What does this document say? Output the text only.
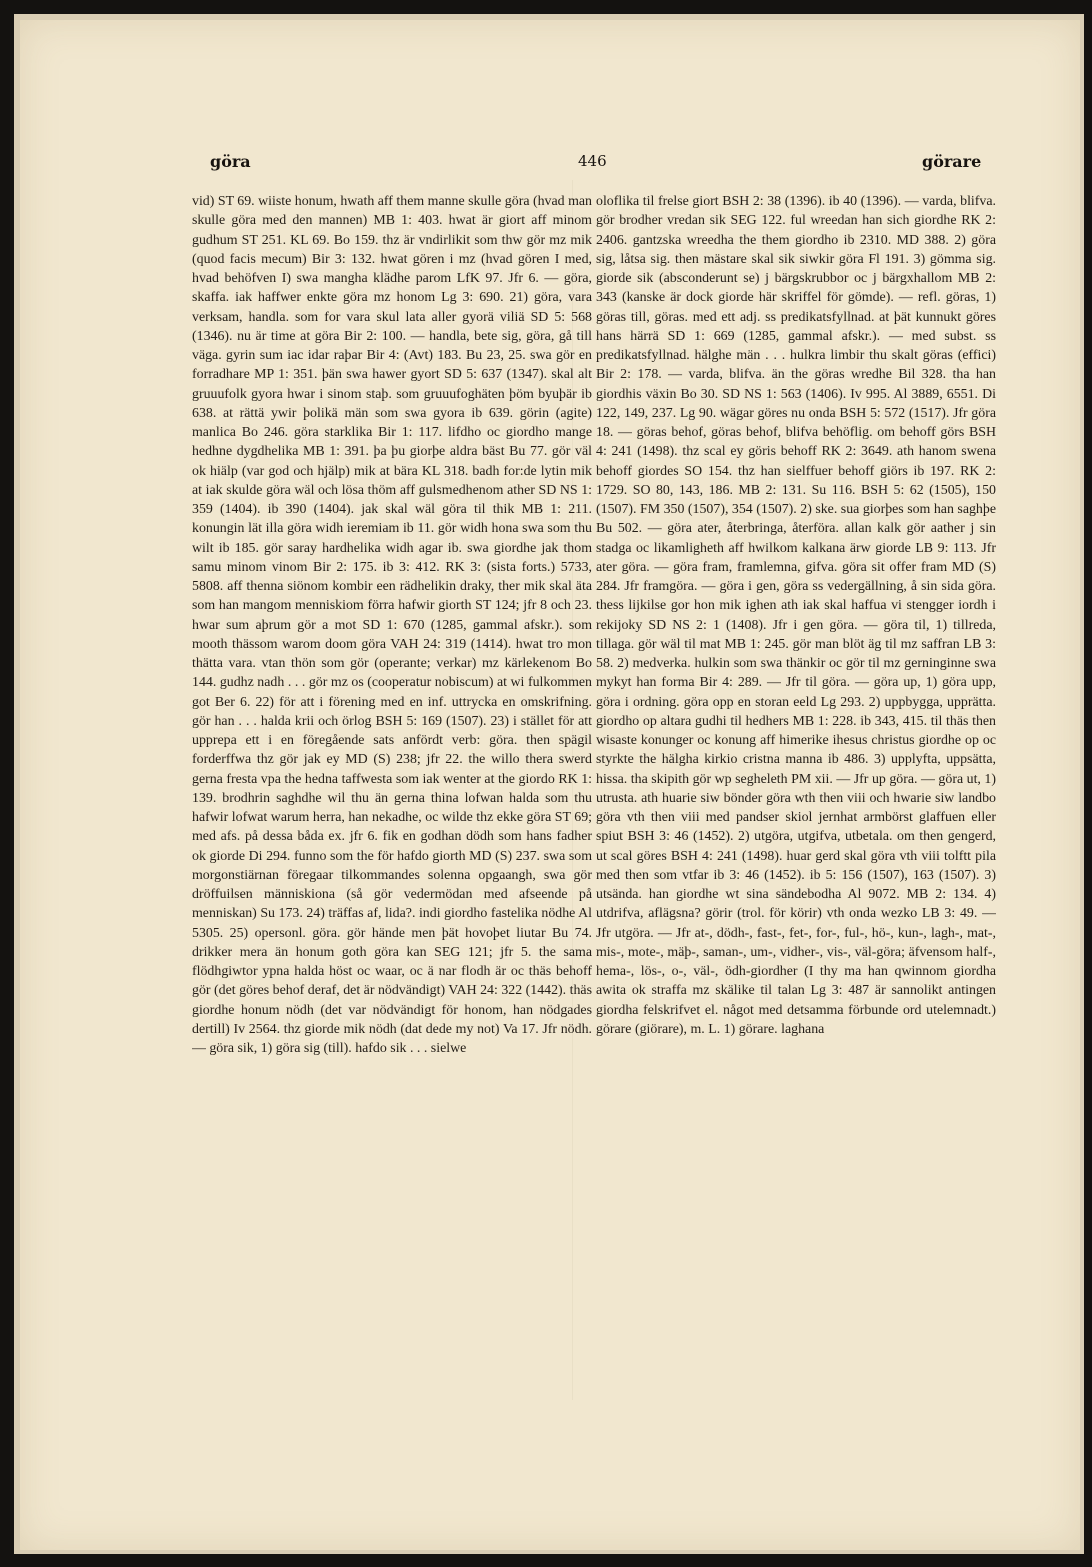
göra	446	görare

vid) ST 69. wiiste honum, hwath aff them manne skulle göra (hvad man skulle göra med den mannen) MB 1: 403. hwat är giort aff minom gudhum ST 251. KL 69. Bo 159. thz är vndirlikit som thw gör mz mik (quod facis mecum) Bir 3: 132. hwat gören i mz (hvad gören I med, hvad behöfven I) swa mangha klädhe parom LfK 97. Jfr 6. — göra, skaffa. iak haffwer enkte göra mz honom Lg 3: 690. 21) göra, vara verksam, handla. som for vara skul lata aller gyorä viliä SD 5: 568 (1346). nu är time at göra Bir 2: 100. — handla, bete sig, göra, gå till väga. gyrin sum iac idar raþar Bir 4: (Avt) 183. Bu 23, 25. swa gör en forradhare MP 1: 351. þän swa hawer gyort SD 5: 637 (1347). skal alt gruuufolk gyora hwar i sinom staþ. som gruuufoghäten þöm byuþär ib 638. at rättä ywir þolikä män som swa gyora ib 639. görin (agite) manlica Bo 246. göra starklika Bir 1: 117. lifdho oc giordho mange hedhne dygdhelika MB 1: 391. þa þu giorþe aldra bäst Bu 77. gör väl ok hiälp (var god och hjälp) mik at bära KL 318. badh for:de lytin mik at iak skulde göra wäl och lösa thöm aff gulsmedhenom ather SD NS 1: 359 (1404). ib 390 (1404). jak skal wäl göra til thik MB 1: 211. konungin lät illa göra widh ieremiam ib 11. gör widh hona swa som thu wilt ib 185. gör saray hardhelika widh agar ib. swa giordhe jak thom samu minom vinom Bir 2: 175. ib 3: 412. RK 3: (sista forts.) 5733, 5808. aff thenna siönom kombir een rädhelikin draky, ther mik skal äta som han mangom menniskiom förra hafwir giorth ST 124; jfr 8 och 23. hwar sum aþrum gör a mot SD 1: 670 (1285, gammal afskr.). som mooth thässom warom doom göra VAH 24: 319 (1414). hwat tro mon thätta vara. vtan thön som gör (operante; verkar) mz kärlekenom Bo 144. gudhz nadh . . . gör mz os (cooperatur nobiscum) at wi fulkommen got Ber 6. 22) för att i förening med en inf. uttrycka en omskrifning. gör han . . . halda krii och örlog BSH 5: 169 (1507). 23) i stället för att upprepa ett i en föregående sats anfördt verb: göra. then spägil forderffwa thz gör jak ey MD (S) 238; jfr 22. the willo thera swerd gerna fresta vpa the hedna taffwesta som iak wenter at the giordo RK 1: 139. brodhrin saghdhe wil thu än gerna thina lofwan halda som thu hafwir lofwat warum herra, han nekadhe, oc wilde thz ekke göra ST 69; med afs. på dessa båda ex. jfr 6. fik en godhan dödh som hans fadher ok giorde Di 294. funno som the för hafdo giorth MD (S) 237. swa som morgonstiärnan föregaar tilkommandes solenna opgaangh, swa gör dröffuilsen människiona (så gör vedermödan med afseende på menniskan) Su 173. 24) träffas af, lida?. indi giordho fastelika nödhe Al 5305. 25) opersonl. göra. gör hände men þät hovoþet liutar Bu 74. drikker mera än honum goth göra kan SEG 121; jfr 5. the sama flödhgiwtor ypna halda höst oc waar, oc ä nar flodh är oc thäs behoff gör (det göres behof deraf, det är nödvändigt) VAH 24: 322 (1442). thäs giordhe honum nödh (det var nödvändigt för honom, han nödgades dertill) Iv 2564. thz giorde mik nödh (dat dede my not) Va 17. Jfr nödh. — göra sik, 1) göra sig (till). hafdo sik . . . sielwe

oloflika til frelse giort BSH 2: 38 (1396). ib 40 (1396). — varda, blifva. gör brodher vredan sik SEG 122. ful wreedan han sich giordhe RK 2: 2406. gantzska wreedha the them giordho ib 2310. MD 388. 2) göra sig, låtsa sig. then mästare skal sik siwkir göra Fl 191. 3) gömma sig. giorde sik (absconderunt se) j bärgskrubbor oc j bärgxhallom MB 2: 343 (kanske är dock giorde här skriffel för gömde). — refl. göras, 1) göras till, göras. med ett adj. ss predikatsfyllnad. at þät kunnukt göres hans härrä SD 1: 669 (1285, gammal afskr.). — med subst. ss predikatsfyllnad. hälghe män . . . hulkra limbir thu skalt göras (effici) Bir 2: 178. — varda, blifva. än the göras wredhe Bil 328. tha han giordhis växin Bo 30. SD NS 1: 563 (1406). Iv 995. Al 3889, 6551. Di 122, 149, 237. Lg 90. wägar göres nu onda BSH 5: 572 (1517). Jfr göra 18. — göras behof, göras behof, blifva behöflig. om behoff görs BSH 4: 241 (1498). thz scal ey göris behoff RK 2: 3649. ath hanom swena behoff giordes SO 154. thz han sielffuer behoff giörs ib 197. RK 2: 1729. SO 80, 143, 186. MB 2: 131. Su 116. BSH 5: 62 (1505), 150 (1507). FM 350 (1507), 354 (1507). 2) ske. sua giorþes som han saghþe Bu 502. — göra ater, återbringa, återföra. allan kalk gör aather j sin stadga oc likamligheth aff hwilkom kalkana ärw giorde LB 9: 113. Jfr ater göra. — göra fram, framlemna, gifva. göra sit offer fram MD (S) 284. Jfr framgöra. — göra i gen, göra ss vedergällning, å sin sida göra. thess lijkilse gor hon mik ighen ath iak skal haffua vi stengger iordh i rekijoky SD NS 2: 1 (1408). Jfr i gen göra. — göra til, 1) tillreda, tillaga. gör wäl til mat MB 1: 245. gör man blöt äg til mz saffran LB 3: 58. 2) medverka. hulkin som swa thänkir oc gör til mz gerninginne swa mykyt han forma Bir 4: 289. — Jfr til göra. — göra up, 1) göra upp, göra i ordning. göra opp en storan eeld Lg 293. 2) uppbygga, upprätta. giordho op altara gudhi til hedhers MB 1: 228. ib 343, 415. til thäs then wisaste konunger oc konung aff himerike ihesus christus giordhe op oc styrkte the hälgha kirkio cristna manna ib 486. 3) upplyfta, uppsätta, hissa. tha skipith gör wp segheleth PM xii. — Jfr up göra. — göra ut, 1) utrusta. ath huarie siw bönder göra wth then viii och hwarie siw landbo göra vth then viii med pandser skiol jernhat armbörst glaffuen eller spiut BSH 3: 46 (1452). 2) utgöra, utgifva, utbetala. om then gengerd, ut scal göres BSH 4: 241 (1498). huar gerd skal göra vth viii tolftt pila med then som vtfar ib 3: 46 (1452). ib 5: 156 (1507), 163 (1507). 3) utsända. han giordhe wt sina sändebodha Al 9072. MB 2: 134. 4) utdrifva, aflägsna? görir (trol. för körir) vth onda wezko LB 3: 49. — Jfr utgöra. — Jfr at-, dödh-, fast-, fet-, for-, ful-, hö-, kun-, lagh-, mat-, mis-, mote-, mäþ-, saman-, um-, vidher-, vis-, väl-göra; äfvensom half-, hema-, lös-, o-, väl-, ödh-giordher (I thy ma han qwinnom giordha awita ok straffa mz skälike til talan Lg 3: 487 är sannolikt antingen giordha felskrifvet el. något med detsamma förbunde ord utelemnadt.) görare (giörare), m. L. 1) görare. laghana
